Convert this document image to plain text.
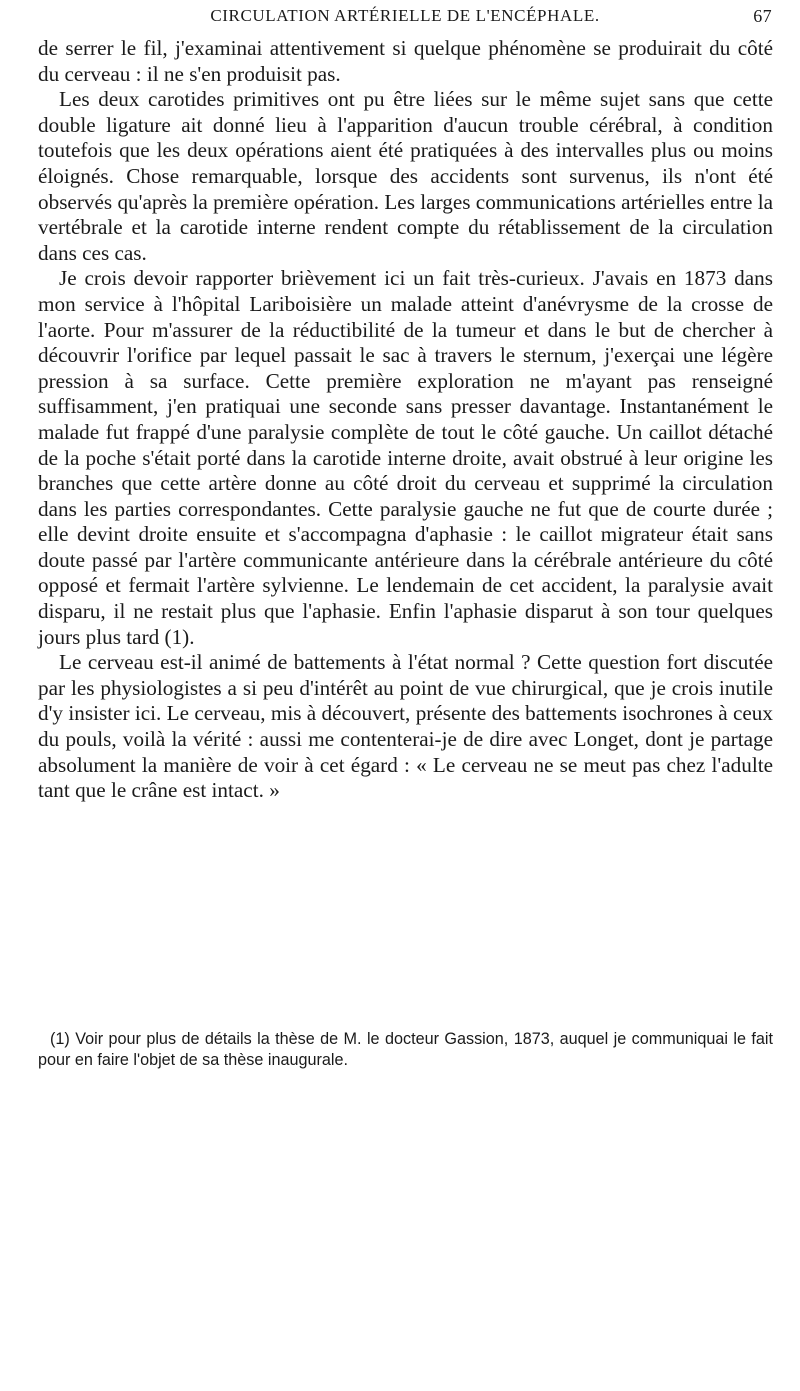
CIRCULATION ARTÉRIELLE DE L'ENCÉPHALE.	67

de serrer le fil, j'examinai attentivement si quelque phénomène se produirait du côté du cerveau : il ne s'en produisit pas.

Les deux carotides primitives ont pu être liées sur le même sujet sans que cette double ligature ait donné lieu à l'apparition d'aucun trouble cérébral, à condition toutefois que les deux opérations aient été pratiquées à des intervalles plus ou moins éloignés. Chose remarquable, lorsque des accidents sont survenus, ils n'ont été observés qu'après la première opération. Les larges communications artérielles entre la vertébrale et la carotide interne rendent compte du rétablissement de la circulation dans ces cas.

Je crois devoir rapporter brièvement ici un fait très-curieux. J'avais en 1873 dans mon service à l'hôpital Lariboisière un malade atteint d'anévrysme de la crosse de l'aorte. Pour m'assurer de la réductibilité de la tumeur et dans le but de chercher à découvrir l'orifice par lequel passait le sac à travers le sternum, j'exerçai une légère pression à sa surface. Cette première exploration ne m'ayant pas renseigné suffisamment, j'en pratiquai une seconde sans presser davantage. Instantanément le malade fut frappé d'une paralysie complète de tout le côté gauche. Un caillot détaché de la poche s'était porté dans la carotide interne droite, avait obstrué à leur origine les branches que cette artère donne au côté droit du cerveau et supprimé la circulation dans les parties correspondantes. Cette paralysie gauche ne fut que de courte durée ; elle devint droite ensuite et s'accompagna d'aphasie : le caillot migrateur était sans doute passé par l'artère communicante antérieure dans la cérébrale antérieure du côté opposé et fermait l'artère sylvienne. Le lendemain de cet accident, la paralysie avait disparu, il ne restait plus que l'aphasie. Enfin l'aphasie disparut à son tour quelques jours plus tard (1).

Le cerveau est-il animé de battements à l'état normal ? Cette question fort discutée par les physiologistes a si peu d'intérêt au point de vue chirurgical, que je crois inutile d'y insister ici. Le cerveau, mis à découvert, présente des battements isochrones à ceux du pouls, voilà la vérité : aussi me contenterai-je de dire avec Longet, dont je partage absolument la manière de voir à cet égard : « Le cerveau ne se meut pas chez l'adulte tant que le crâne est intact. »

(1) Voir pour plus de détails la thèse de M. le docteur Gassion, 1873, auquel je communiquai le fait pour en faire l'objet de sa thèse inaugurale.
